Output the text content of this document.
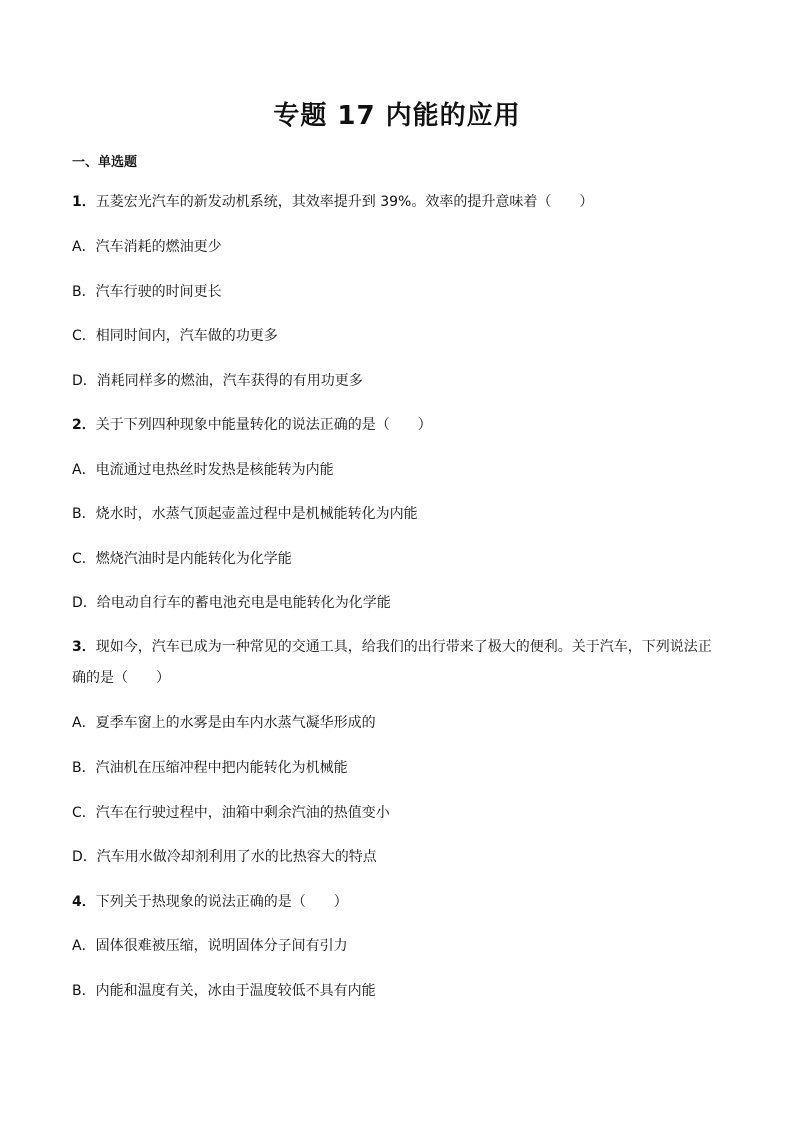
专题 17 内能的应用
一、单选题
1．五菱宏光汽车的新发动机系统，其效率提升到 39%。效率的提升意味着（　　）
A．汽车消耗的燃油更少
B．汽车行驶的时间更长
C．相同时间内，汽车做的功更多
D．消耗同样多的燃油，汽车获得的有用功更多
2．关于下列四种现象中能量转化的说法正确的是（　　）
A．电流通过电热丝时发热是核能转为内能
B．烧水时，水蒸气顶起壶盖过程中是机械能转化为内能
C．燃烧汽油时是内能转化为化学能
D．给电动自行车的蓄电池充电是电能转化为化学能
3．现如今，汽车已成为一种常见的交通工具，给我们的出行带来了极大的便利。关于汽车，下列说法正确的是（　　）
A．夏季车窗上的水雾是由车内水蒸气凝华形成的
B．汽油机在压缩冲程中把内能转化为机械能
C．汽车在行驶过程中，油箱中剩余汽油的热值变小
D．汽车用水做冷却剂利用了水的比热容大的特点
4．下列关于热现象的说法正确的是（　　）
A．固体很难被压缩，说明固体分子间有引力
B．内能和温度有关，冰由于温度较低不具有内能
